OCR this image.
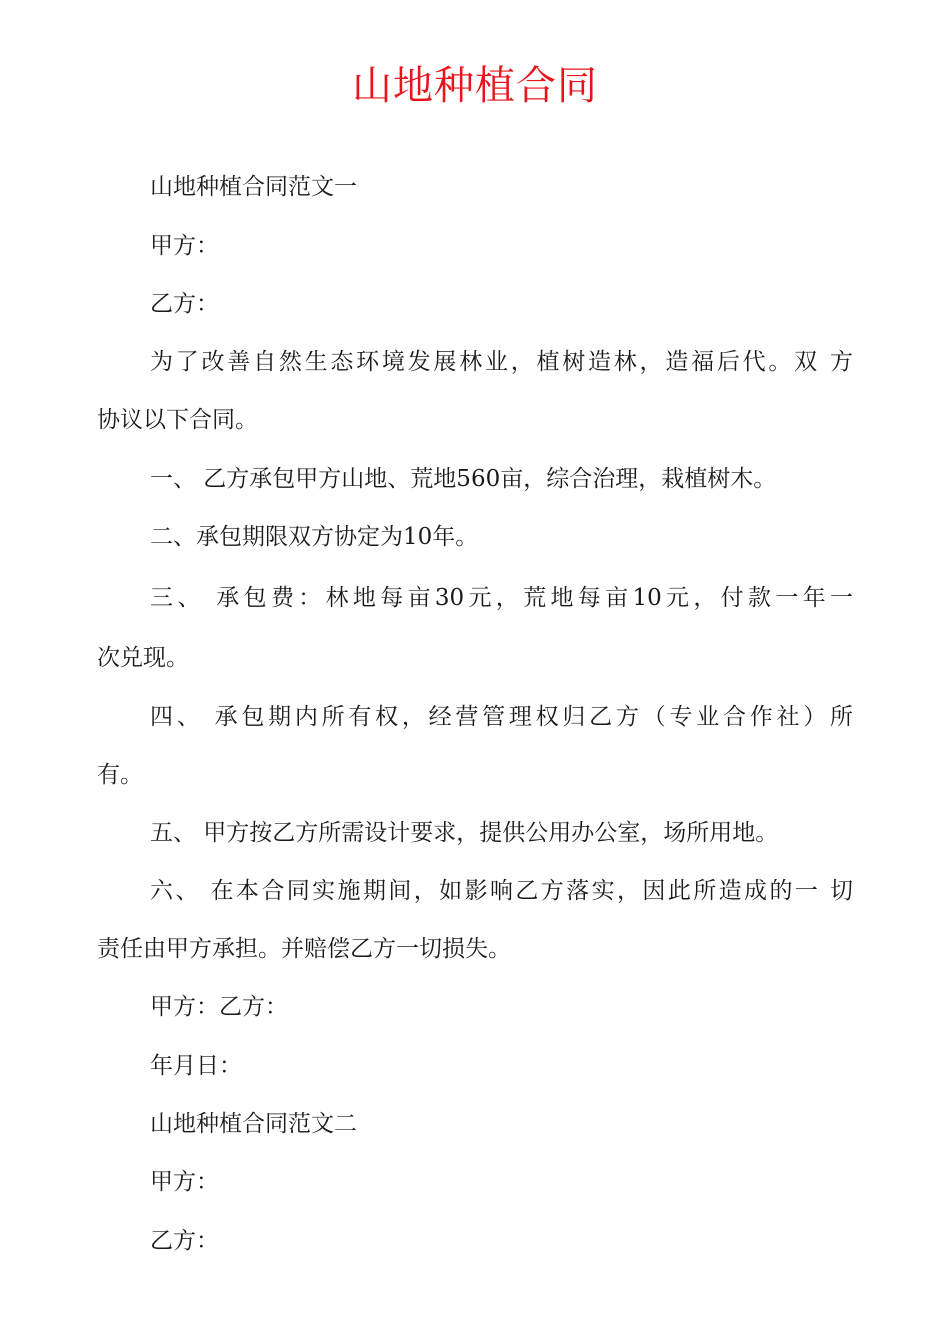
山地种植合同
山地种植合同范文一
甲方：
乙方：
为了改善自然生态环境发展林业，植树造林，造福后代。双 方
协议以下合同。
一、 乙方承包甲方山地、荒地560亩，综合治理，栽植树木。
二、承包期限双方协定为10年。
三、 承包费：林地每亩30元，荒地每亩10元，付款一年一
次兑现。
四、 承包期内所有权，经营管理权归乙方（专业合作社）所
有。
五、 甲方按乙方所需设计要求，提供公用办公室，场所用地。
六、 在本合同实施期间，如影响乙方落实，因此所造成的一 切
责任由甲方承担。并赔偿乙方一切损失。
甲方：乙方：
年月日：
山地种植合同范文二
甲方：
乙方：
